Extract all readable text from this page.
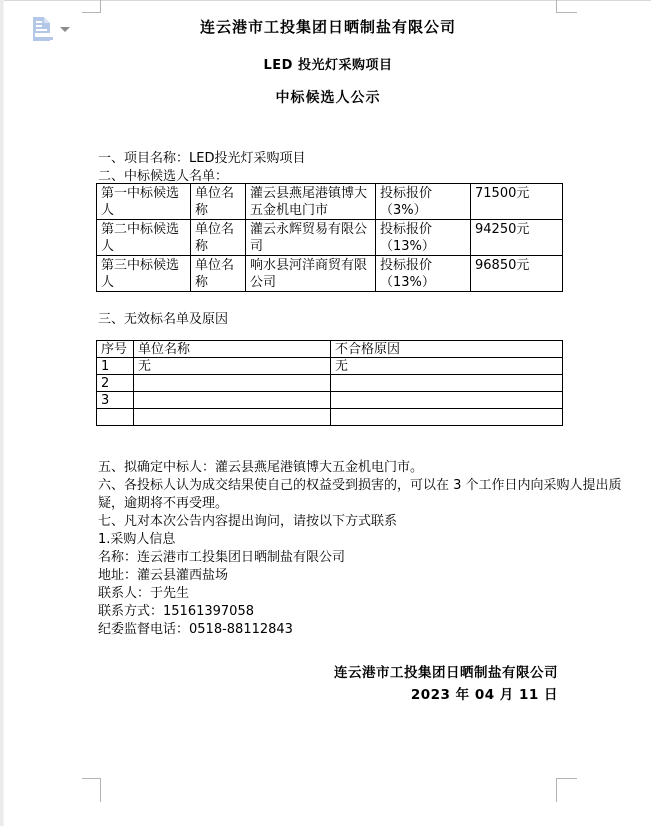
连云港市工投集团日晒制盐有限公司
LED 投光灯采购项目
中标候选人公示
一、项目名称：LED投光灯采购项目
二、中标候选人名单：
第一中标候选人	单位名称	灌云县燕尾港镇博大五金机电门市	投标报价（3%）	71500元
第二中标候选人	单位名称	灌云永辉贸易有限公司	投标报价（13%）	94250元
第三中标候选人	单位名称	响水县河洋商贸有限公司	投标报价（13%）	96850元
三、无效标名单及原因
序号	单位名称	不合格原因
1	无	无
2		
3		

五、拟确定中标人：灌云县燕尾港镇博大五金机电门市。
六、各投标人认为成交结果使自己的权益受到损害的，可以在 3 个工作日内向采购人提出质
疑，逾期将不再受理。
七、凡对本次公告内容提出询问，请按以下方式联系
1.采购人信息
名称：连云港市工投集团日晒制盐有限公司
地址：灌云县灌西盐场
联系人：于先生
联系方式：15161397058
纪委监督电话：0518-88112843
连云港市工投集团日晒制盐有限公司
2023 年 04 月 11 日
